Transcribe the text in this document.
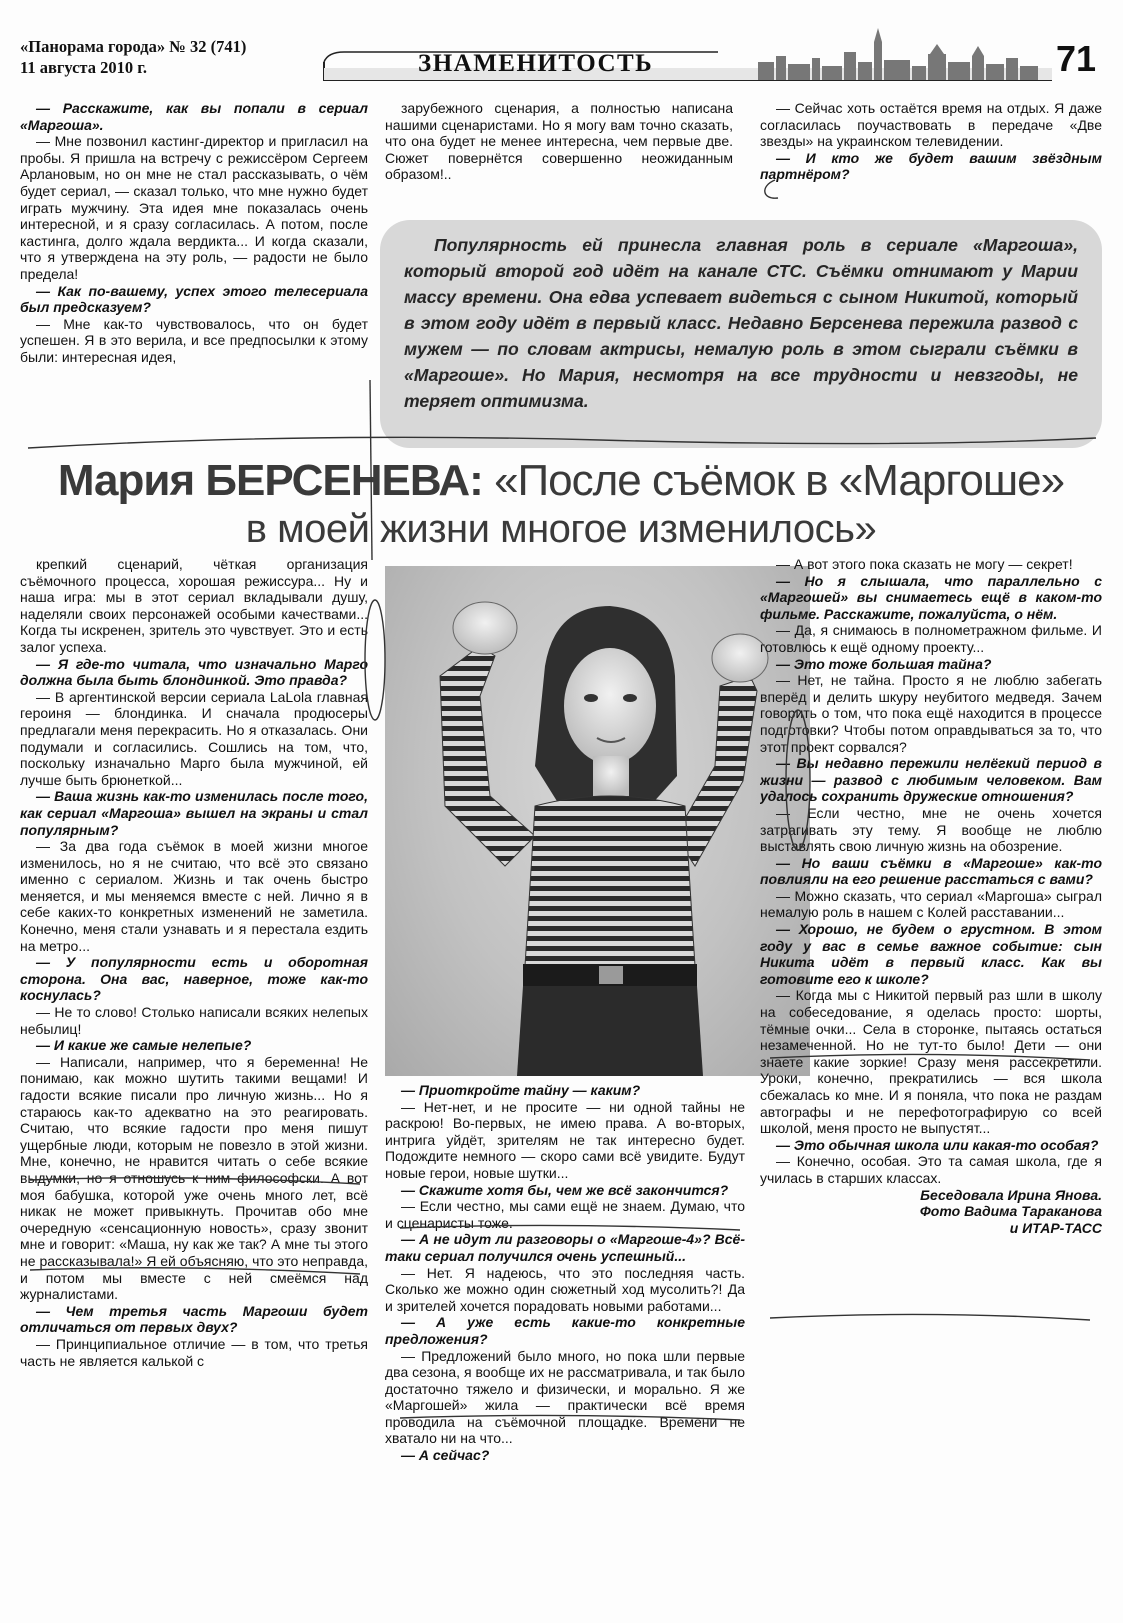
«Панорама города» № 32 (741)
11 августа 2010 г.	ЗНАМЕНИТОСТЬ	71

— Расскажите, как вы попали в сериал «Маргоша».

— Мне позвонил кастинг-директор и пригласил на пробы. Я пришла на встречу с режиссёром Сергеем Арлановым, но он мне не стал рассказывать, о чём будет сериал, — сказал только, что мне нужно будет играть мужчину. Эта идея мне показалась очень интересной, и я сразу согласилась. А потом, после кастинга, долго ждала вердикта... И когда сказали, что я утверждена на эту роль, — радости не было предела!

— Как по-вашему, успех этого телесериала был предсказуем?

— Мне как-то чувствовалось, что он будет успешен. Я в это верила, и все предпосылки к этому были: интересная идея,

зарубежного сценария, а полностью написана нашими сценаристами. Но я могу вам точно сказать, что она будет не менее интересна, чем первые две. Сюжет повернётся совершенно неожиданным образом!..

— Сейчас хоть остаётся время на отдых. Я даже согласилась поучаствовать в передаче «Две звезды» на украинском телевидении.

— И кто же будет вашим звёздным партнёром?

Популярность ей принесла главная роль в сериале «Маргоша», который второй год идёт на канале СТС. Съёмки отнимают у Марии массу времени. Она едва успевает видеться с сыном Никитой, который в этом году идёт в первый класс. Недавно Берсенева пережила развод с мужем — по словам актрисы, немалую роль в этом сыграли съёмки в «Маргоше». Но Мария, несмотря на все трудности и невзгоды, не теряет оптимизма.

Мария БЕРСЕНЕВА: «После съёмок в «Маргоше»
в моей жизни многое изменилось»

крепкий сценарий, чёткая организация съёмочного процесса, хорошая режиссура... Ну и наша игра: мы в этот сериал вкладывали душу, наделяли своих персонажей особыми качествами... Когда ты искренен, зритель это чувствует. Это и есть залог успеха.

— Я где-то читала, что изначально Марго должна была быть блондинкой. Это правда?

— В аргентинской версии сериала LaLola главная героиня — блондинка. И сначала продюсеры предлагали меня перекрасить. Но я отказалась. Они подумали и согласились. Сошлись на том, что, поскольку изначально Марго была мужчиной, ей лучше быть брюнеткой...

— Ваша жизнь как-то изменилась после того, как сериал «Маргоша» вышел на экраны и стал популярным?

— За два года съёмок в моей жизни многое изменилось, но я не считаю, что всё это связано именно с сериалом. Жизнь и так очень быстро меняется, и мы меняемся вместе с ней. Лично я в себе каких-то конкретных изменений не заметила. Конечно, меня стали узнавать и я перестала ездить на метро...

— У популярности есть и оборотная сторона. Она вас, наверное, тоже как-то коснулась?

— Не то слово! Столько написали всяких нелепых небылиц!

— И какие же самые нелепые?

— Написали, например, что я беременна! Не понимаю, как можно шутить такими вещами! И гадости всякие писали про личную жизнь... Но я стараюсь как-то адекватно на это реагировать. Считаю, что всякие гадости про меня пишут ущербные люди, которым не повезло в этой жизни. Мне, конечно, не нравится читать о себе всякие выдумки, но я отношусь к ним философски. А вот моя бабушка, которой уже очень много лет, всё никак не может привыкнуть. Прочитав обо мне очередную «сенсационную новость», сразу звонит мне и говорит: «Маша, ну как же так? А мне ты этого не рассказывала!» Я ей объясняю, что это неправда, и потом мы вместе с ней смеёмся над журналистами.

— Чем третья часть Маргоши будет отличаться от первых двух?

— Принципиальное отличие — в том, что третья часть не является калькой с

— Приоткройте тайну — каким?

— Нет-нет, и не просите — ни одной тайны не раскрою! Во-первых, не имею права. А во-вторых, интрига уйдёт, зрителям не так интересно будет. Подождите немного — скоро сами всё увидите. Будут новые герои, новые шутки...

— Скажите хотя бы, чем же всё закончится?

— Если честно, мы сами ещё не знаем. Думаю, что и сценаристы тоже.

— А не идут ли разговоры о «Маргоше-4»? Всё-таки сериал получился очень успешный...

— Нет. Я надеюсь, что это последняя часть. Сколько же можно один сюжетный ход мусолить?! Да и зрителей хочется порадовать новыми работами...

— А уже есть какие-то конкретные предложения?

— Предложений было много, но пока шли первые два сезона, я вообще их не рассматривала, и так было достаточно тяжело и физически, и морально. Я же «Маргошей» жила — практически всё время проводила на съёмочной площадке. Времени не хватало ни на что...

— А сейчас?

— А вот этого пока сказать не могу — секрет!

— Но я слышала, что параллельно с «Маргошей» вы снимаетесь ещё в каком-то фильме. Расскажите, пожалуйста, о нём.

— Да, я снимаюсь в полнометражном фильме. И готовлюсь к ещё одному проекту...

— Это тоже большая тайна?

— Нет, не тайна. Просто я не люблю забегать вперёд и делить шкуру неубитого медведя. Зачем говорить о том, что пока ещё находится в процессе подготовки? Чтобы потом оправдываться за то, что этот проект сорвался?

— Вы недавно пережили нелёгкий период в жизни — развод с любимым человеком. Вам удалось сохранить дружеские отношения?

— Если честно, мне не очень хочется затрагивать эту тему. Я вообще не люблю выставлять свою личную жизнь на обозрение.

— Но ваши съёмки в «Маргоше» как-то повлияли на его решение расстаться с вами?

— Можно сказать, что сериал «Маргоша» сыграл немалую роль в нашем с Колей расставании...

— Хорошо, не будем о грустном. В этом году у вас в семье важное событие: сын Никита идёт в первый класс. Как вы готовите его к школе?

— Когда мы с Никитой первый раз шли в школу на собеседование, я оделась просто: шорты, тёмные очки... Села в сторонке, пытаясь остаться незамеченной. Но не тут-то было! Дети — они знаете какие зоркие! Сразу меня рассекретили. Уроки, конечно, прекратились — вся школа сбежалась ко мне. И я поняла, что пока не раздам автографы и не перефотографирую со всей школой, меня просто не выпустят...

— Это обычная школа или какая-то особая?

— Конечно, особая. Это та самая школа, где я училась в старших классах.

Беседовала Ирина Янова.

Фото Вадима Тараканова

и ИТАР-ТАСС
